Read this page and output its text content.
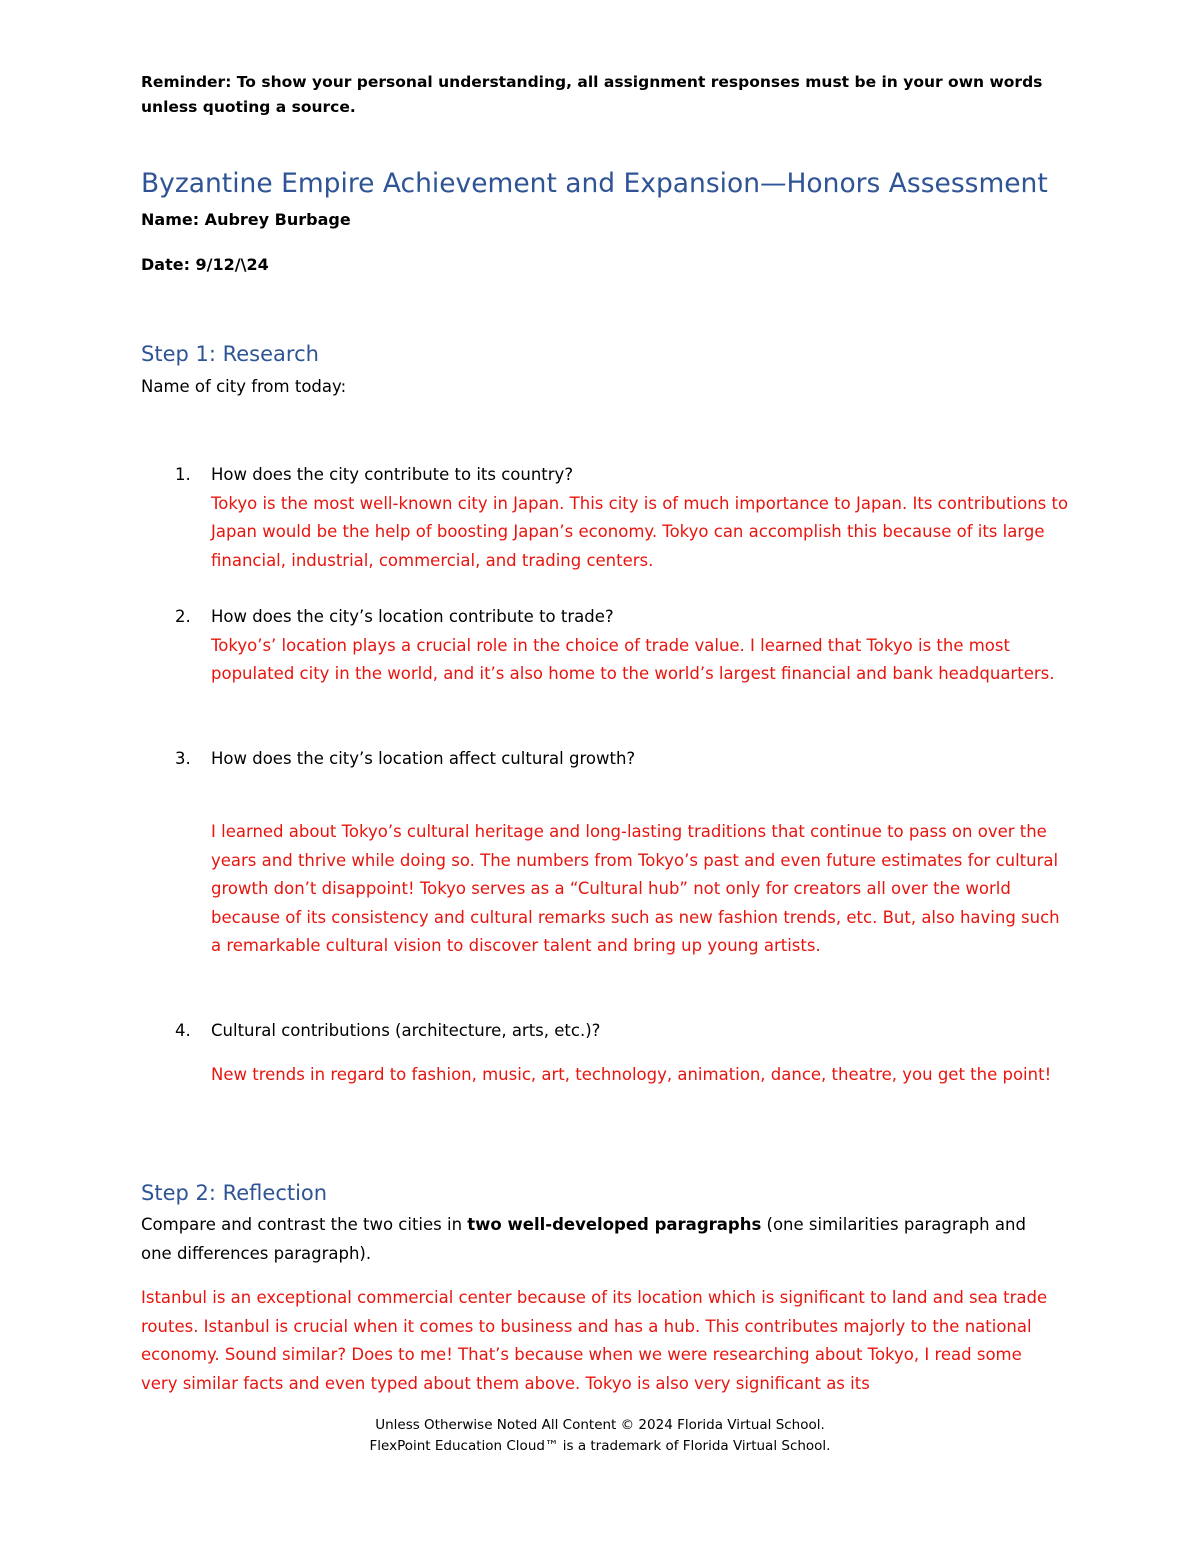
Reminder: To show your personal understanding, all assignment responses must be in your own words unless quoting a source.
Byzantine Empire Achievement and Expansion—Honors Assessment
Name: Aubrey Burbage
Date: 9/12/\24
Step 1: Research
Name of city from today:
1. How does the city contribute to its country?
Tokyo is the most well-known city in Japan. This city is of much importance to Japan. Its contributions to Japan would be the help of boosting Japan’s economy. Tokyo can accomplish this because of its large financial, industrial, commercial, and trading centers.
2. How does the city’s location contribute to trade?
Tokyo’s’ location plays a crucial role in the choice of trade value. I learned that Tokyo is the most populated city in the world, and it’s also home to the world’s largest financial and bank headquarters.
3. How does the city’s location affect cultural growth?
I learned about Tokyo’s cultural heritage and long-lasting traditions that continue to pass on over the years and thrive while doing so. The numbers from Tokyo’s past and even future estimates for cultural growth don’t disappoint! Tokyo serves as a “Cultural hub” not only for creators all over the world because of its consistency and cultural remarks such as new fashion trends, etc. But, also having such a remarkable cultural vision to discover talent and bring up young artists.
4. Cultural contributions (architecture, arts, etc.)?
New trends in regard to fashion, music, art, technology, animation, dance, theatre, you get the point!
Step 2: Reflection
Compare and contrast the two cities in two well-developed paragraphs (one similarities paragraph and one differences paragraph).
Istanbul is an exceptional commercial center because of its location which is significant to land and sea trade routes. Istanbul is crucial when it comes to business and has a hub. This contributes majorly to the national economy. Sound similar? Does to me! That’s because when we were researching about Tokyo, I read some very similar facts and even typed about them above. Tokyo is also very significant as its
Unless Otherwise Noted All Content © 2024 Florida Virtual School.
FlexPoint Education Cloud™ is a trademark of Florida Virtual School.
